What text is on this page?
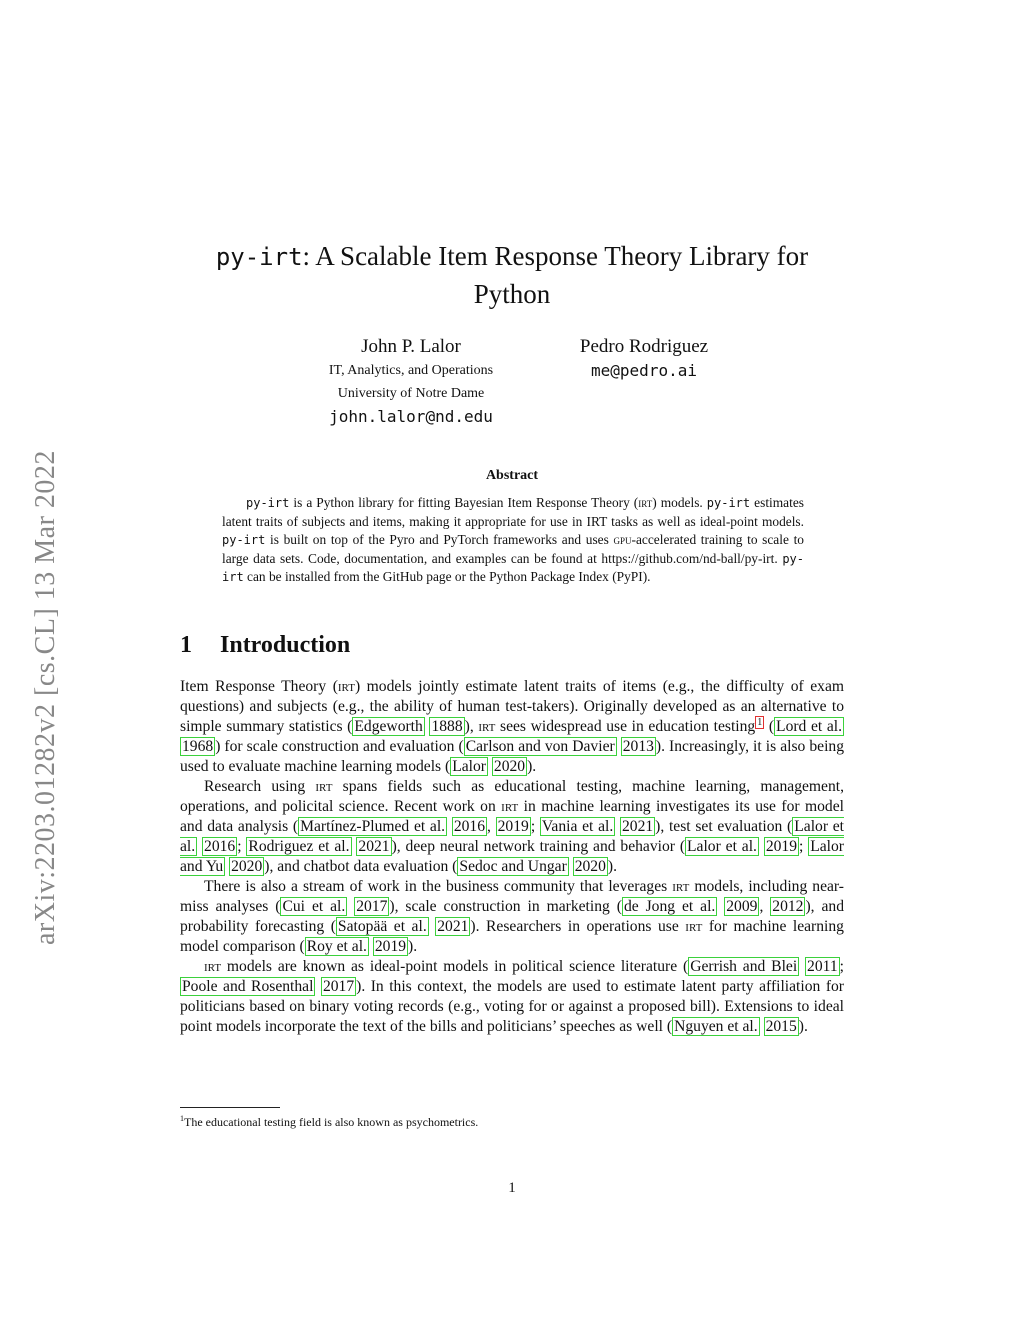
arXiv:2203.01282v2 [cs.CL] 13 Mar 2022
py-irt: A Scalable Item Response Theory Library for Python
John P. Lalor
IT, Analytics, and Operations
University of Notre Dame
john.lalor@nd.edu
Pedro Rodriguez
me@pedro.ai
Abstract
py-irt is a Python library for fitting Bayesian Item Response Theory (irt) models. py-irt estimates latent traits of subjects and items, making it appropriate for use in IRT tasks as well as ideal-point models. py-irt is built on top of the Pyro and PyTorch frameworks and uses gpu-accelerated training to scale to large data sets. Code, documentation, and examples can be found at https://github.com/nd-ball/py-irt. py-irt can be installed from the GitHub page or the Python Package Index (PyPI).
1 Introduction

Item Response Theory (irt) models jointly estimate latent traits of items (e.g., the difficulty of exam questions) and subjects (e.g., the ability of human test-takers). Originally developed as an alternative to simple summary statistics ( Edgeworth 1888 ), irt sees widespread use in education testing $^1$ ( Lord et al. 1968 ) for scale construction and evaluation ( Carlson and von Davier 2013 ). Increasingly, it is also being used to evaluate machine learning models ( Lalor 2020 ).

Research using irt spans fields such as educational testing, machine learning, management, operations, and policital science. Recent work on irt in machine learning investigates its use for model and data analysis ( Martínez-Plumed et al. 2016 , 2019 ; Vania et al. 2021 ), test set evaluation ( Lalor et al. 2016 ; Rodriguez et al. 2021 ), deep neural network training and behavior ( Lalor et al. 2019 ; Lalor and Yu 2020 ), and chatbot data evaluation ( Sedoc and Ungar 2020 ).

There is also a stream of work in the business community that leverages irt models, including near-miss analyses ( Cui et al. 2017 ), scale construction in marketing ( de Jong et al. 2009 , 2012 ), and probability forecasting ( Satopää et al. 2021 ). Researchers in operations use irt for machine learning model comparison ( Roy et al. 2019 ).

irt models are known as ideal-point models in political science literature ( Gerrish and Blei 2011 ; Poole and Rosenthal 2017 ). In this context, the models are used to estimate latent party affiliation for politicians based on binary voting records (e.g., voting for or against a proposed bill). Extensions to ideal point models incorporate the text of the bills and politicians’ speeches as well ( Nguyen et al. 2015 ).

$^1$The educational testing field is also known as psychometrics.
1
